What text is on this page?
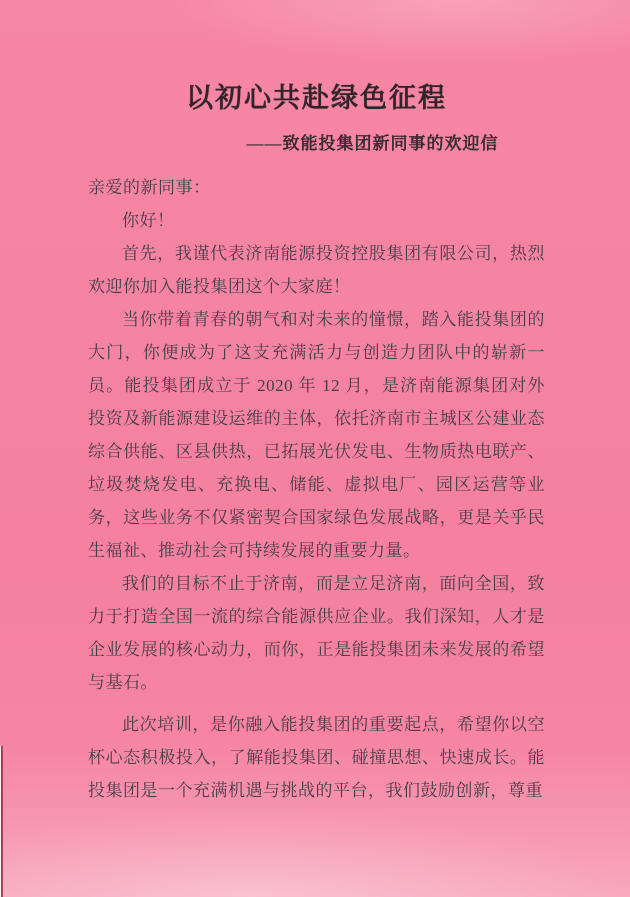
以初心共赴绿色征程
——致能投集团新同事的欢迎信

亲爱的新同事：

你好！

首先，我谨代表济南能源投资控股集团有限公司，热烈欢迎你加入能投集团这个大家庭！

当你带着青春的朝气和对未来的憧憬，踏入能投集团的大门，你便成为了这支充满活力与创造力团队中的崭新一员。能投集团成立于 2020 年 12 月，是济南能源集团对外投资及新能源建设运维的主体，依托济南市主城区公建业态综合供能、区县供热，已拓展光伏发电、生物质热电联产、垃圾焚烧发电、充换电、储能、虚拟电厂、园区运营等业务，这些业务不仅紧密契合国家绿色发展战略，更是关乎民生福祉、推动社会可持续发展的重要力量。

我们的目标不止于济南，而是立足济南，面向全国，致力于打造全国一流的综合能源供应企业。我们深知，人才是企业发展的核心动力，而你，正是能投集团未来发展的希望与基石。

此次培训，是你融入能投集团的重要起点，希望你以空杯心态积极投入，了解能投集团、碰撞思想、快速成长。能投集团是一个充满机遇与挑战的平台，我们鼓励创新，尊重
